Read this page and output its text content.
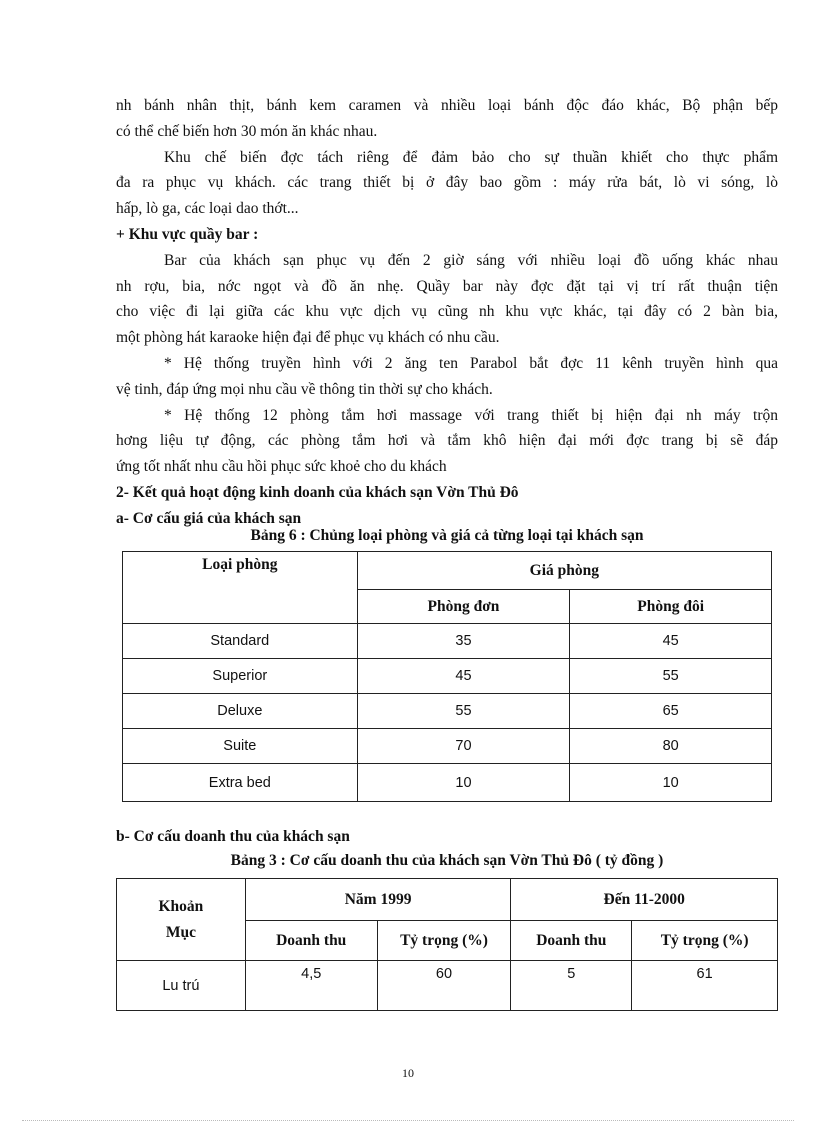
nh bánh nhân thịt, bánh kem caramen và nhiều loại bánh độc đáo khác, Bộ phận bếp

có thể chế biến hơn 30 món ăn khác nhau.

Khu chế biến đợc tách riêng để đảm bảo cho sự thuần khiết cho thực phẩm

đa ra phục vụ khách. các trang thiết bị ở đây bao gồm : máy rửa bát, lò vi sóng, lò

hấp, lò ga, các loại dao thớt...

+ Khu vực quầy bar :

Bar của khách sạn phục vụ đến 2 giờ sáng với nhiều loại đồ uống khác nhau

nh rợu, bia, nớc ngọt và đồ ăn nhẹ. Quầy bar này đợc đặt tại vị trí rất thuận tiện

cho việc đi lại giữa các khu vực dịch vụ cũng nh khu vực khác, tại đây có 2 bàn bia,

một phòng hát karaoke hiện đại để phục vụ khách có nhu cầu.

* Hệ thống truyền hình với 2 ăng ten Parabol bắt đợc 11 kênh truyền hình qua

vệ tinh, đáp ứng mọi nhu cầu về thông tin thời sự cho khách.

* Hệ thống 12 phòng tắm hơi massage với trang thiết bị hiện đại nh máy trộn

hơng liệu tự động, các phòng tắm hơi và tắm khô hiện đại mới đợc trang bị sẽ đáp

ứng tốt nhất nhu cầu hồi phục sức khoẻ cho du khách

2- Kết quả hoạt động kinh doanh của khách sạn Vờn Thủ Đô

a- Cơ cấu giá của khách sạn

Bảng 6 : Chủng loại phòng và giá cả từng loại tại khách sạn
Loại phòng	Giá phòng	
	Phòng đơn	Phòng đôi
Standard	35	45
Superior	45	55
Deluxe	55	65
Suite	70	80
Extra bed	10	10
b- Cơ cấu doanh thu của khách sạn
Bảng 3 : Cơ cấu doanh thu của khách sạn Vờn Thủ Đô ( tỷ đồng )
Khoản
Mục	Năm 1999		Đến 11-2000	
	Doanh thu	Tỷ trọng (%)	Doanh thu	Tỷ trọng (%)
Lu trú	4,5	60	5	61
10
